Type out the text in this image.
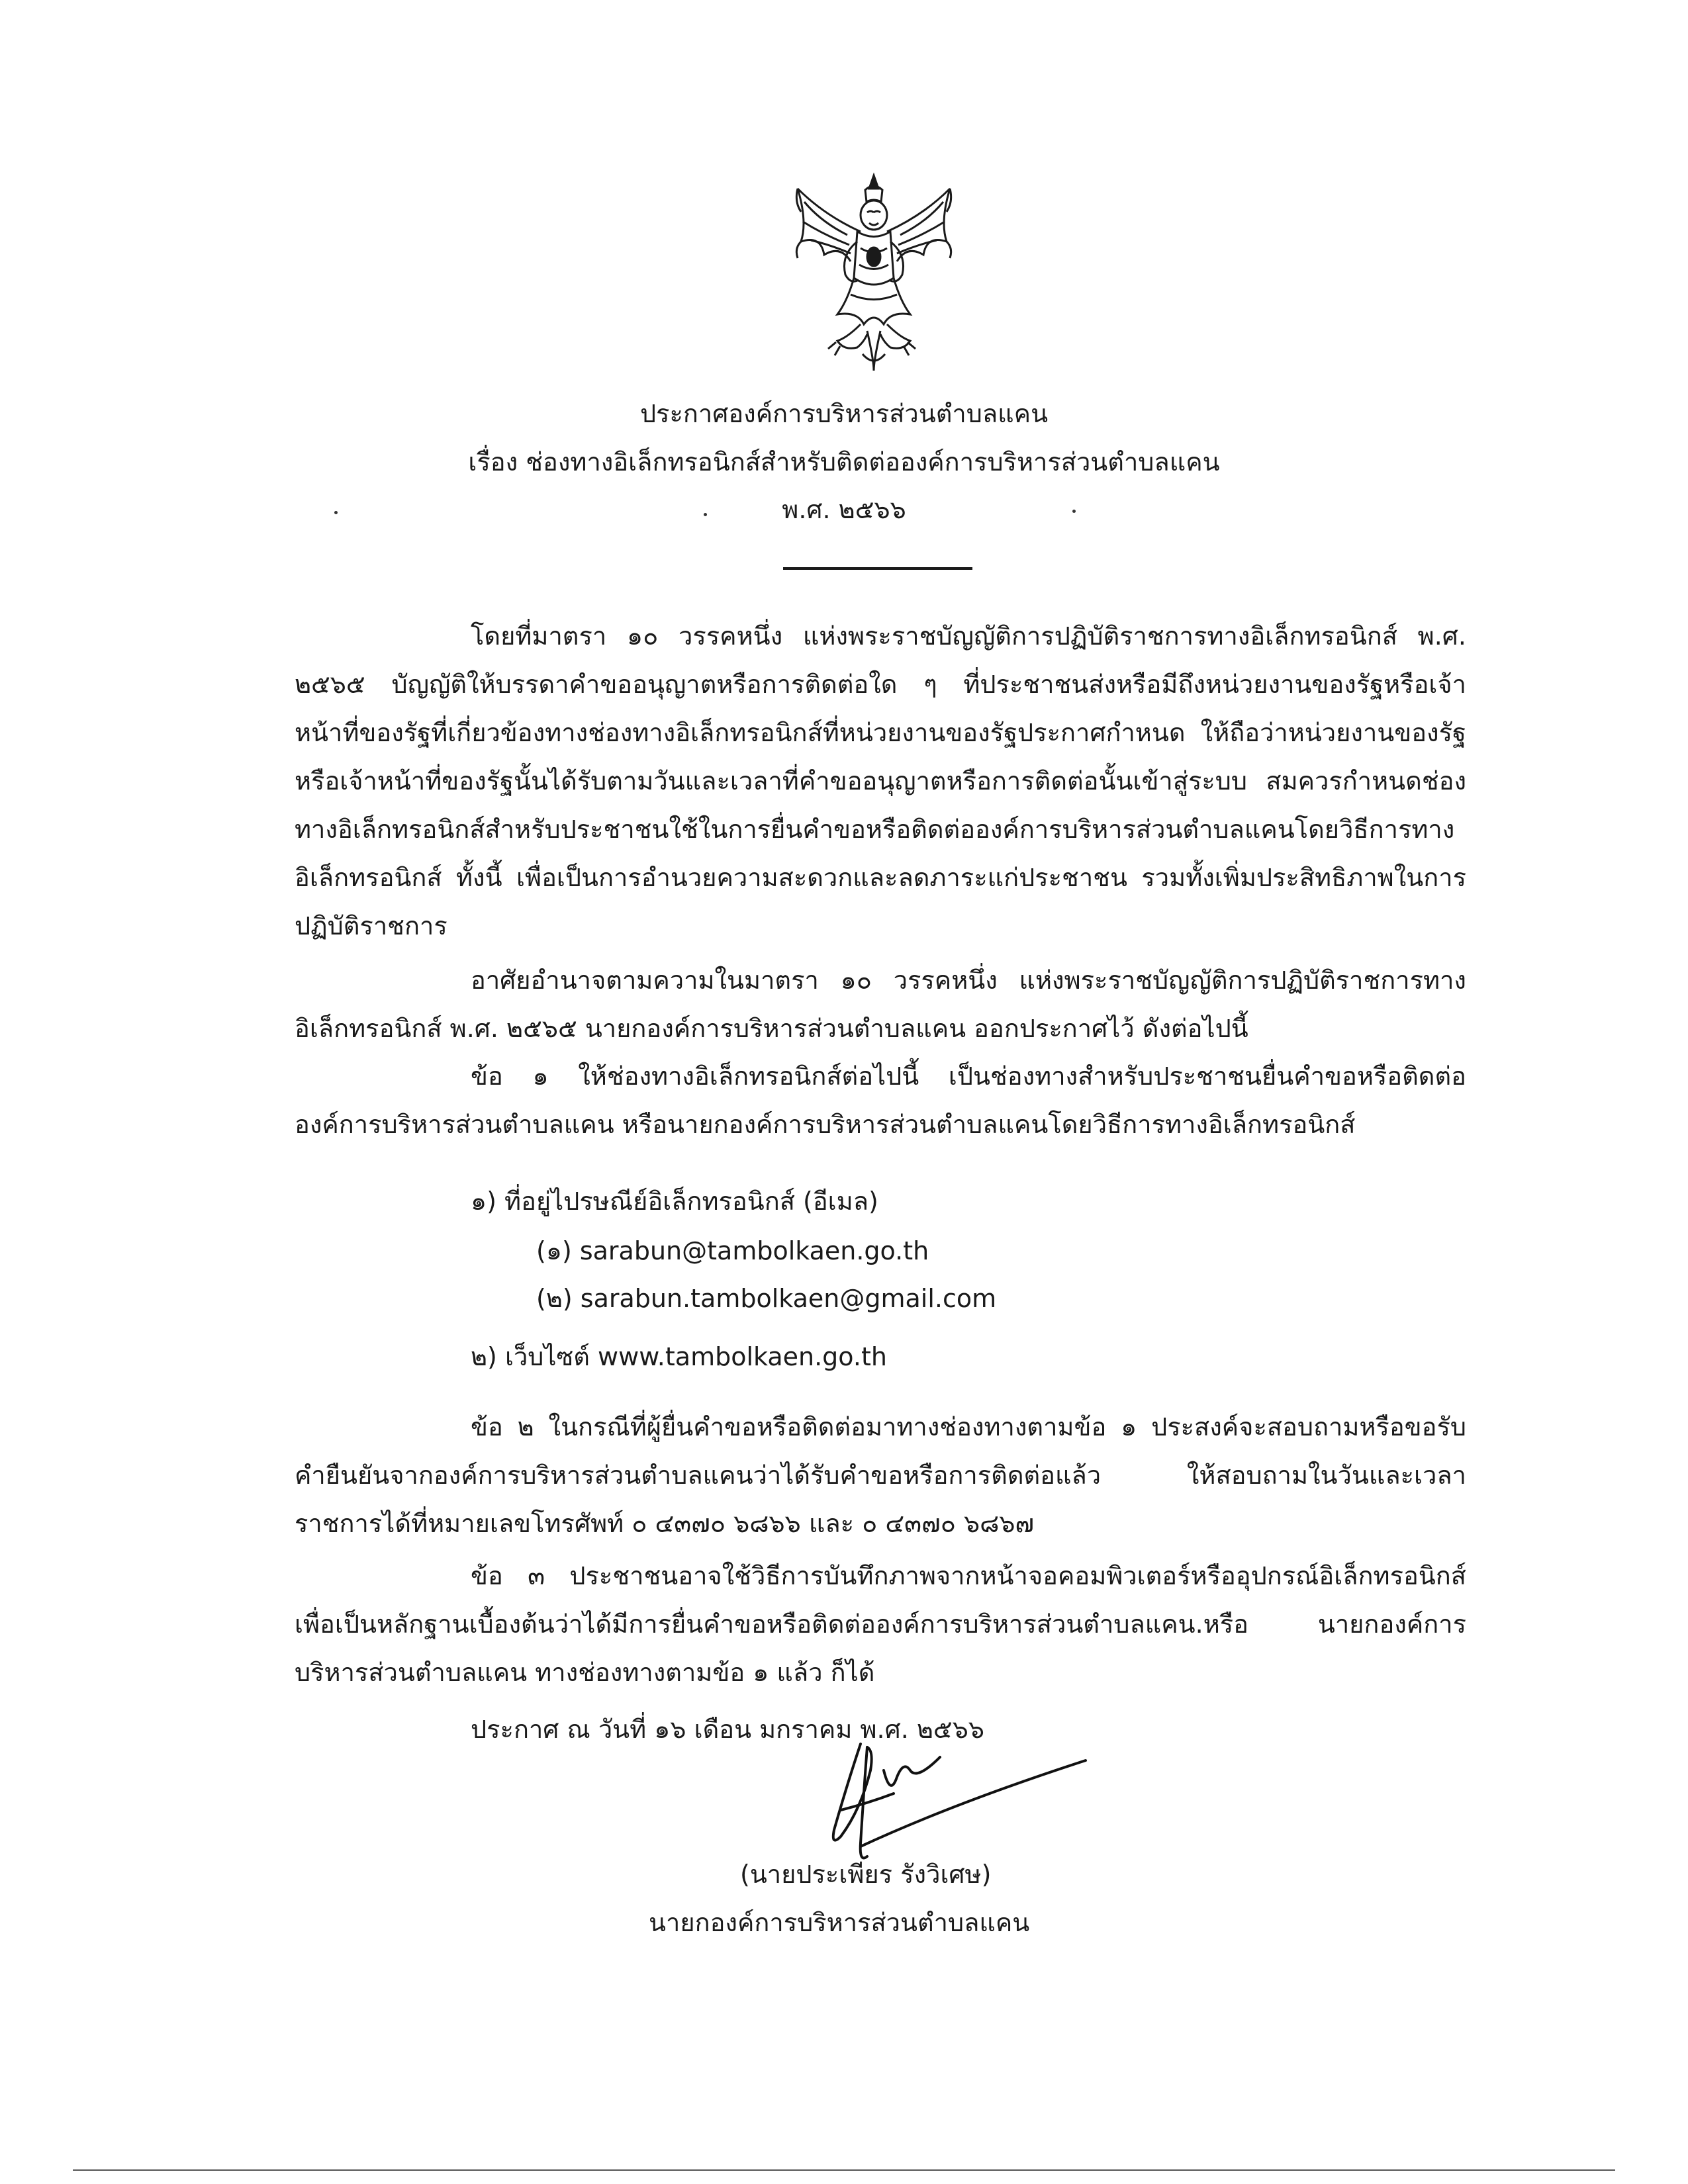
ประกาศองค์การบริหารส่วนตำบลแคน
เรื่อง ช่องทางอิเล็กทรอนิกส์สำหรับติดต่อองค์การบริหารส่วนตำบลแคน
พ.ศ. ๒๕๖๖
โดยที่มาตรา ๑๐ วรรคหนึ่ง แห่งพระราชบัญญัติการปฏิบัติราชการทางอิเล็กทรอนิกส์ พ.ศ. ๒๕๖๕ บัญญัติให้บรรดาคำขออนุญาตหรือการติดต่อใด ๆ ที่ประชาชนส่งหรือมีถึงหน่วยงานของรัฐหรือเจ้าหน้าที่ของรัฐที่เกี่ยวข้องทางช่องทางอิเล็กทรอนิกส์ที่หน่วยงานของรัฐประกาศกำหนด ให้ถือว่าหน่วยงานของรัฐหรือเจ้าหน้าที่ของรัฐนั้นได้รับตามวันและเวลาที่คำขออนุญาตหรือการติดต่อนั้นเข้าสู่ระบบ สมควรกำหนดช่องทางอิเล็กทรอนิกส์สำหรับประชาชนใช้ในการยื่นคำขอหรือติดต่อองค์การบริหารส่วนตำบลแคนโดยวิธีการทางอิเล็กทรอนิกส์ ทั้งนี้ เพื่อเป็นการอำนวยความสะดวกและลดภาระแก่ประชาชน รวมทั้งเพิ่มประสิทธิภาพในการปฏิบัติราชการ
อาศัยอำนาจตามความในมาตรา ๑๐ วรรคหนึ่ง แห่งพระราชบัญญัติการปฏิบัติราชการทางอิเล็กทรอนิกส์ พ.ศ. ๒๕๖๕ นายกองค์การบริหารส่วนตำบลแคน ออกประกาศไว้ ดังต่อไปนี้
ข้อ ๑ ให้ช่องทางอิเล็กทรอนิกส์ต่อไปนี้ เป็นช่องทางสำหรับประชาชนยื่นคำขอหรือติดต่อองค์การบริหารส่วนตำบลแคน หรือนายกองค์การบริหารส่วนตำบลแคนโดยวิธีการทางอิเล็กทรอนิกส์
๑) ที่อยู่ไปรษณีย์อิเล็กทรอนิกส์ (อีเมล)
(๑) sarabun@tambolkaen.go.th
(๒) sarabun.tambolkaen@gmail.com
๒) เว็บไซต์ www.tambolkaen.go.th
ข้อ ๒ ในกรณีที่ผู้ยื่นคำขอหรือติดต่อมาทางช่องทางตามข้อ ๑ ประสงค์จะสอบถามหรือขอรับคำยืนยันจากองค์การบริหารส่วนตำบลแคนว่าได้รับคำขอหรือการติดต่อแล้ว ให้สอบถามในวันและเวลาราชการได้ที่หมายเลขโทรศัพท์ ๐ ๔๓๗๐ ๖๘๖๖ และ ๐ ๔๓๗๐ ๖๘๖๗
ข้อ ๓ ประชาชนอาจใช้วิธีการบันทึกภาพจากหน้าจอคอมพิวเตอร์หรืออุปกรณ์อิเล็กทรอนิกส์เพื่อเป็นหลักฐานเบื้องต้นว่าได้มีการยื่นคำขอหรือติดต่อองค์การบริหารส่วนตำบลแคน.หรือ นายกองค์การบริหารส่วนตำบลแคน ทางช่องทางตามข้อ ๑ แล้ว ก็ได้
ประกาศ ณ วันที่ ๑๖ เดือน มกราคม พ.ศ. ๒๕๖๖
(นายประเพียร รังวิเศษ)
นายกองค์การบริหารส่วนตำบลแคน
